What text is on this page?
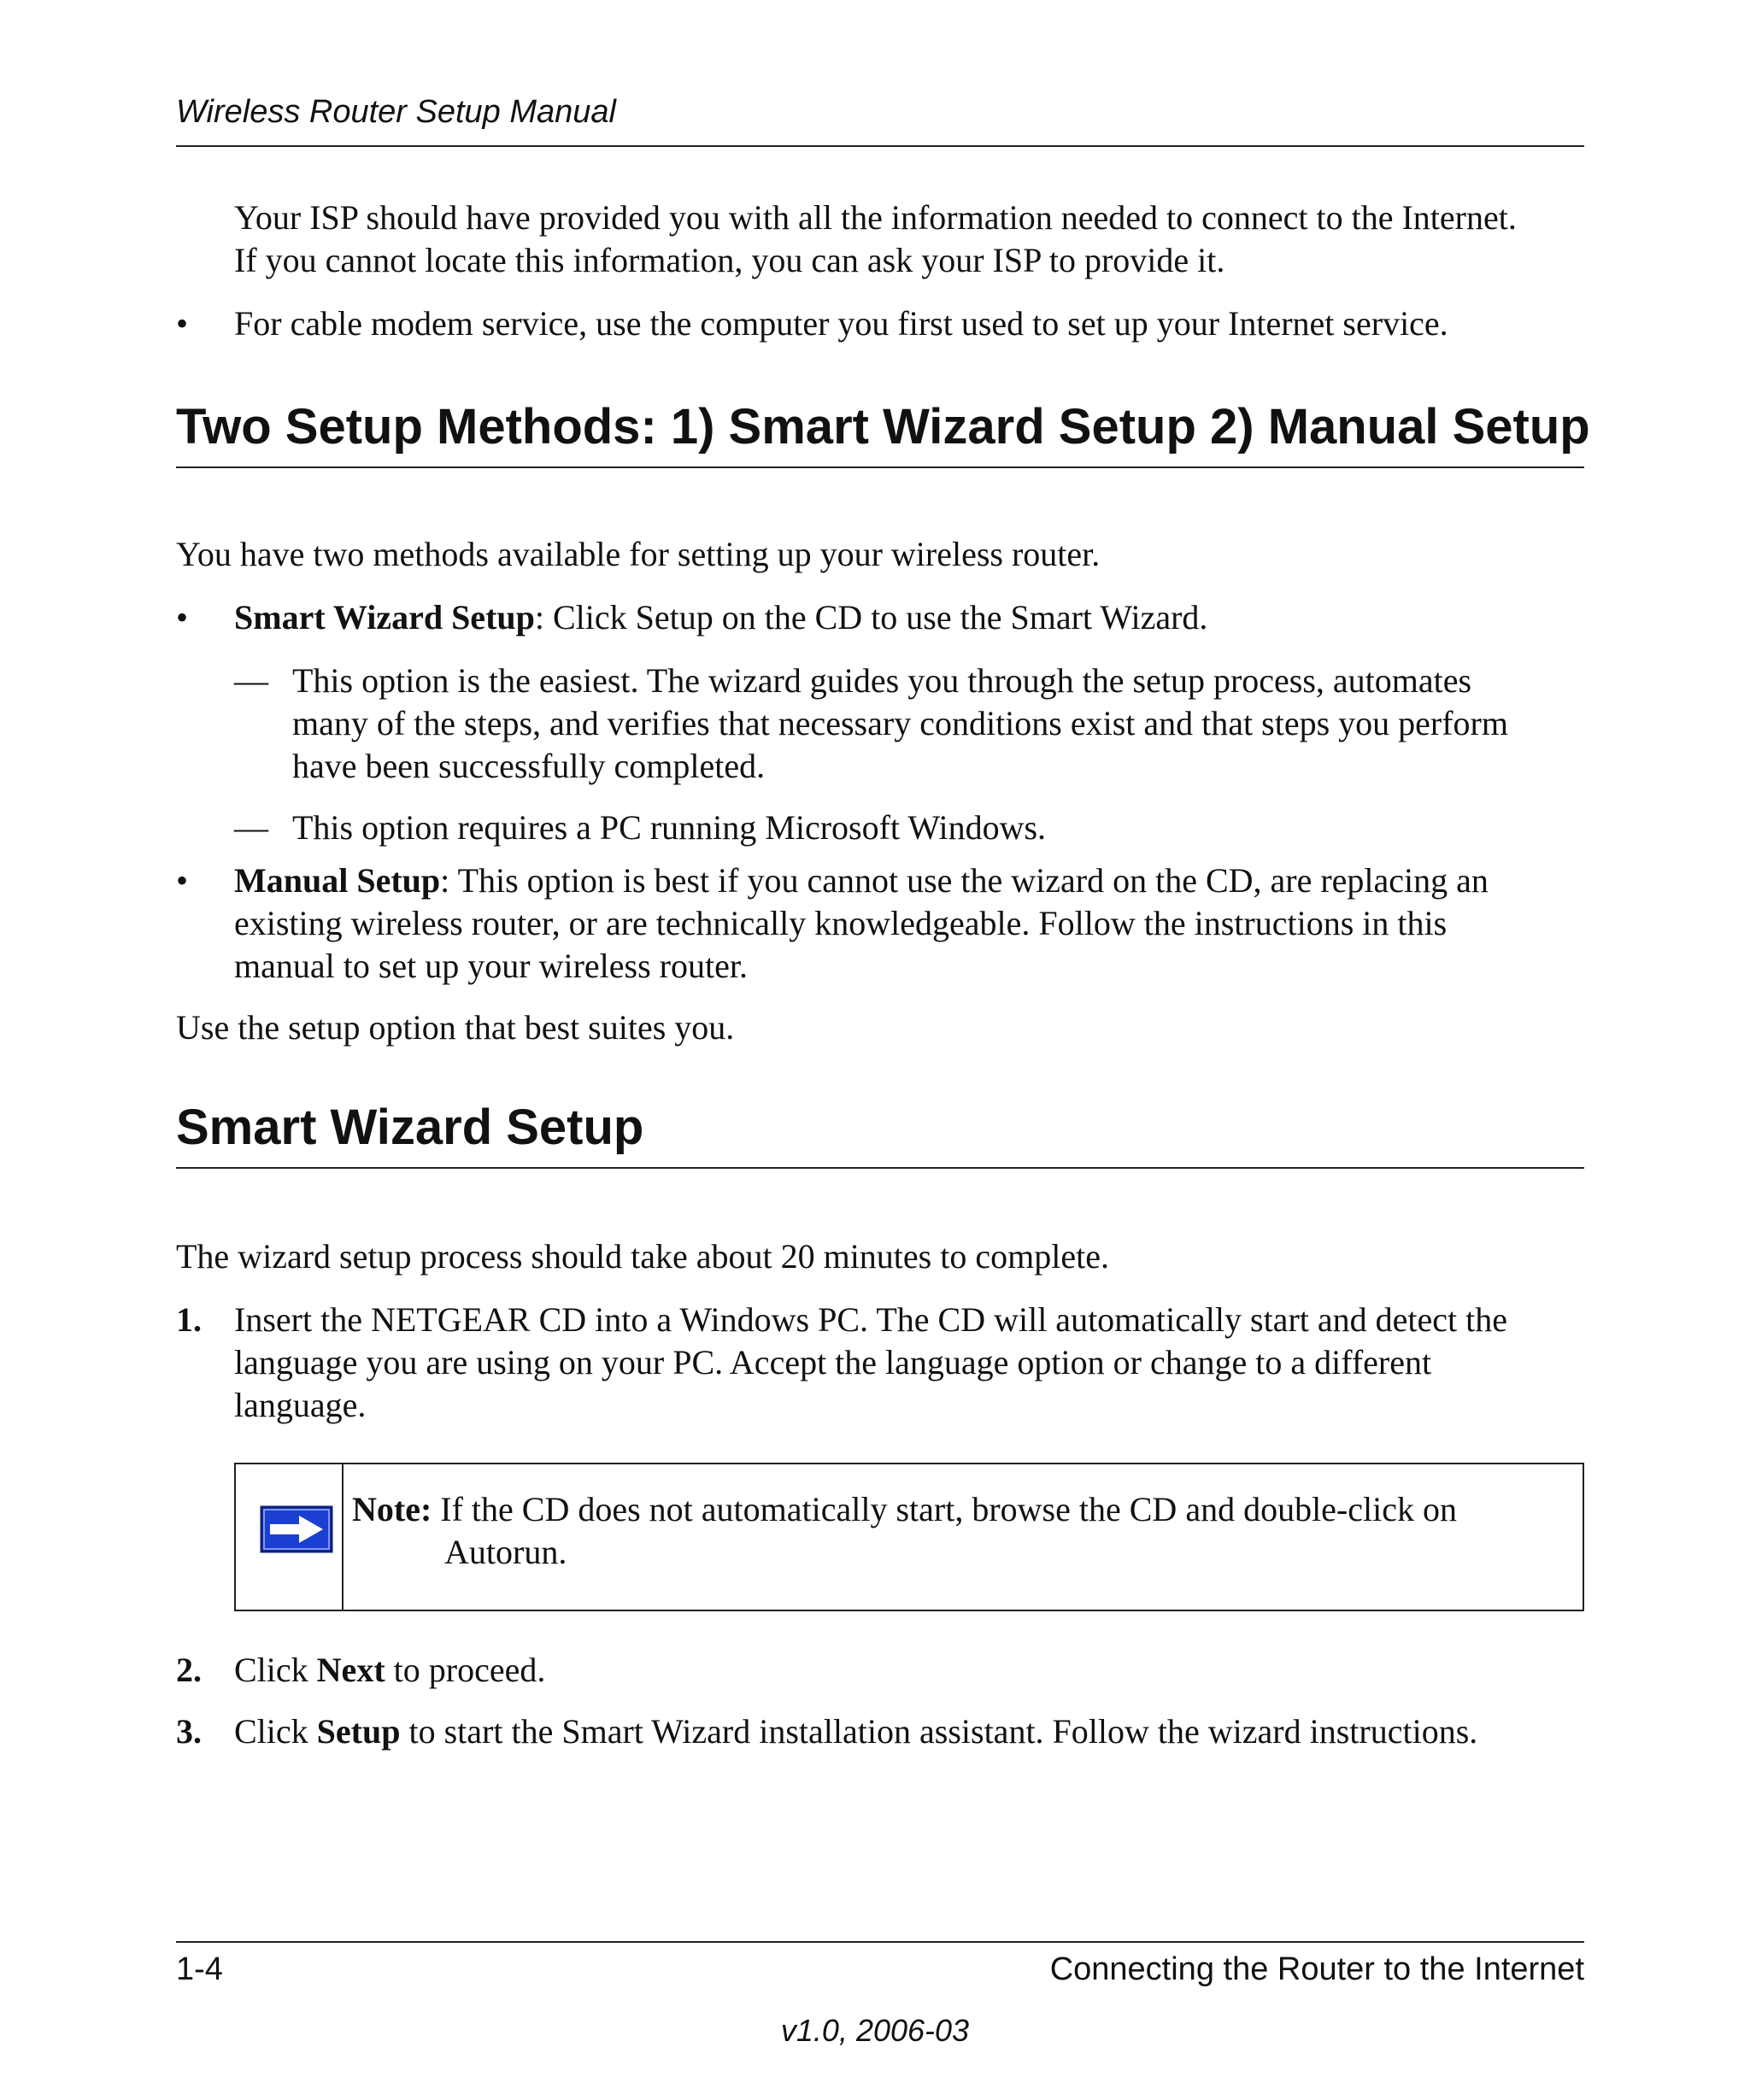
Wireless Router Setup Manual
Your ISP should have provided you with all the information needed to connect to the Internet.
If you cannot locate this information, you can ask your ISP to provide it.
• For cable modem service, use the computer you first used to set up your Internet service.
Two Setup Methods: 1) Smart Wizard Setup 2) Manual Setup
You have two methods available for setting up your wireless router.
• Smart Wizard Setup: Click Setup on the CD to use the Smart Wizard.
— This option is the easiest. The wizard guides you through the setup process, automates
many of the steps, and verifies that necessary conditions exist and that steps you perform
have been successfully completed.
— This option requires a PC running Microsoft Windows.
• Manual Setup: This option is best if you cannot use the wizard on the CD, are replacing an
existing wireless router, or are technically knowledgeable. Follow the instructions in this
manual to set up your wireless router.
Use the setup option that best suites you.
Smart Wizard Setup
The wizard setup process should take about 20 minutes to complete.
1. Insert the NETGEAR CD into a Windows PC. The CD will automatically start and detect the
language you are using on your PC. Accept the language option or change to a different
language.
Note: If the CD does not automatically start, browse the CD and double-click on
Autorun.
2. Click Next to proceed.
3. Click Setup to start the Smart Wizard installation assistant. Follow the wizard instructions.
1-4	Connecting the Router to the Internet
v1.0, 2006-03
